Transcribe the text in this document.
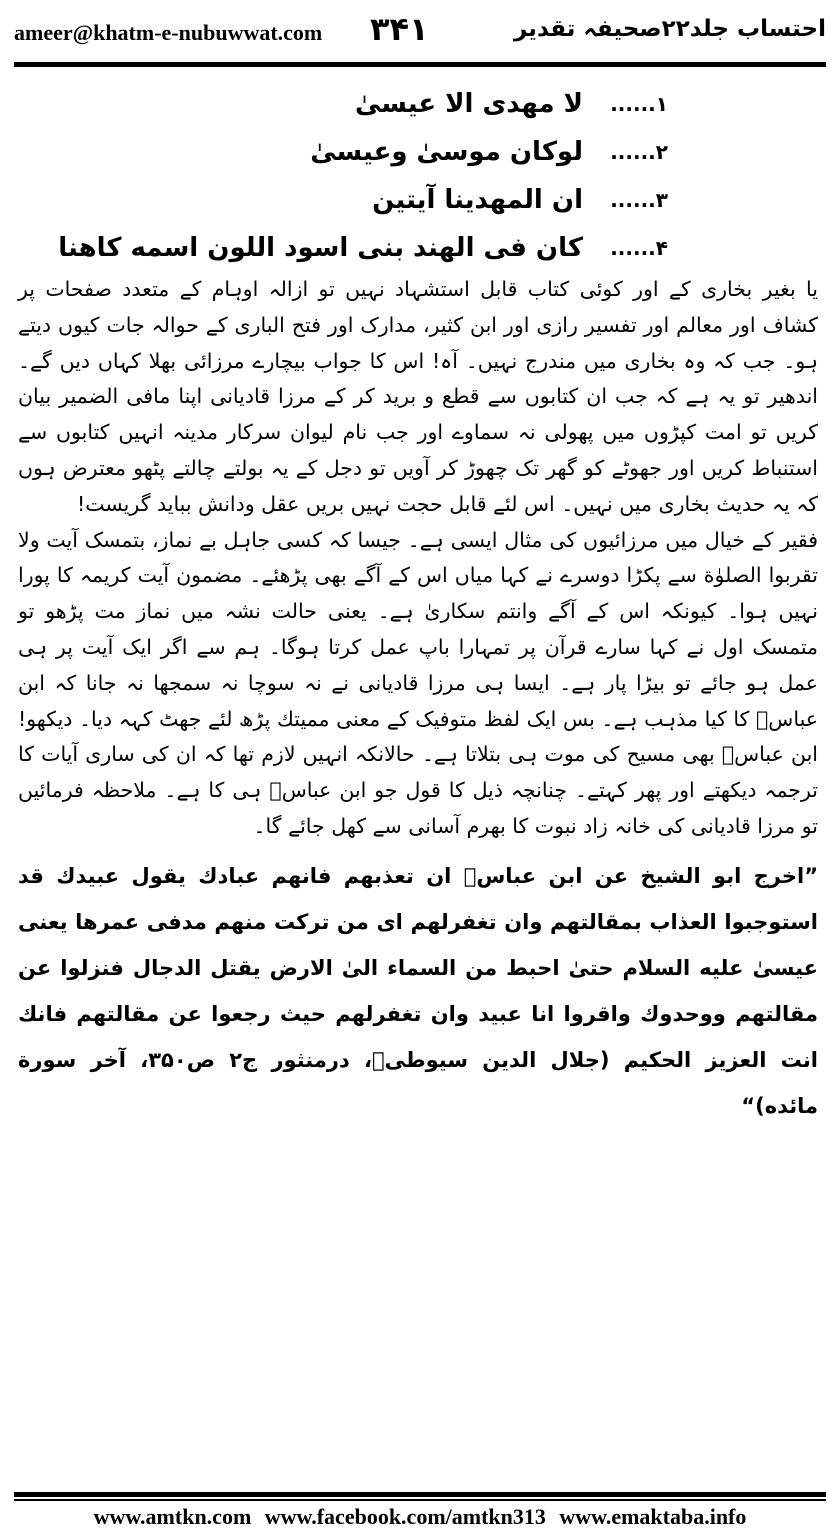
ameer@khatm-e-nubuwwat.com ۳۴۱	احتساب جلد۲۲صحیفہ تقدیر
۱......
لا مهدی الا عیسیٰ
۲......
لوکان موسیٰ وعیسیٰ
۳......
ان المهدینا آیتین
۴......
کان فی الهند بنی اسود اللون اسمه کاهنا

یا بغیر بخاری کے اور کوئی کتاب قابل استشہاد نہیں تو ازالہ اوہام کے متعدد صفحات پر کشاف اور معالم اور تفسیر رازی اور ابن کثیر، مدارک اور فتح الباری کے حوالہ جات کیوں دیتے ہو۔ جب کہ وہ بخاری میں مندرج نہیں۔ آہ! اس کا جواب بیچارے مرزائی بھلا کہاں دیں گے۔ اندھیر تو یہ ہے کہ جب ان کتابوں سے قطع و برید کر کے مرزا قادیانی اپنا مافی الضمیر بیان کریں تو امت کپڑوں میں پھولی نہ سماوے اور جب نام لیوان سرکار مدینہ انہیں کتابوں سے استنباط کریں اور جھوٹے کو گھر تک چھوڑ کر آویں تو دجل کے یہ بولتے چالتے پٹھو معترض ہوں کہ یہ حدیث بخاری میں نہیں۔ اس لئے قابل حجت نہیں بریں عقل ودانش بباید گریست!

فقیر کے خیال میں مرزائیوں کی مثال ایسی ہے۔ جیسا کہ کسی جاہل بے نماز، بتمسک آیت ولا تقربوا الصلوٰة سے پکڑا دوسرے نے کہا میاں اس کے آگے بھی پڑھئے۔ مضمون آیت کریمہ کا پورا نہیں ہوا۔ کیونکہ اس کے آگے وانتم سکاریٰ ہے۔ یعنی حالت نشہ میں نماز مت پڑھو تو متمسک اول نے کہا سارے قرآن پر تمہارا باپ عمل کرتا ہوگا۔ ہم سے اگر ایک آیت پر ہی عمل ہو جائے تو بیڑا پار ہے۔ ایسا ہی مرزا قادیانی نے نہ سوچا نہ سمجھا نہ جانا کہ ابن عباسؓ کا کیا مذہب ہے۔ بس ایک لفظ متوفیک کے معنی ممیتك پڑھ لئے جھٹ کہہ دیا۔ دیکھو! ابن عباسؓ بھی مسیح کی موت ہی بتلاتا ہے۔ حالانکہ انہیں لازم تھا کہ ان کی ساری آیات کا ترجمہ دیکھتے اور پھر کہتے۔ چنانچہ ذیل کا قول جو ابن عباسؓ ہی کا ہے۔ ملاحظہ فرمائیں تو مرزا قادیانی کی خانہ زاد نبوت کا بھرم آسانی سے کھل جائے گا۔

”اخرج ابو الشیخ عن ابن عباسؓ ان تعذبهم فانهم عبادك یقول عبیدك قد استوجبوا العذاب بمقالتهم وان تغفرلهم ای من ترکت منهم مدفی عمرها یعنی عیسیٰ علیه السلام حتیٰ احبط من السماء الیٰ الارض یقتل الدجال فنزلوا عن مقالتهم ووحدوك واقروا انا عبید وان تغفرلهم حیث رجعوا عن مقالتهم فانك انت العزیز الحکیم (جلال الدین سیوطیؒ، درمنثور ج۲ ص۳۵۰، آخر سورة مائده)“

www.amtkn.com www.facebook.com/amtkn313 www.emaktaba.info
